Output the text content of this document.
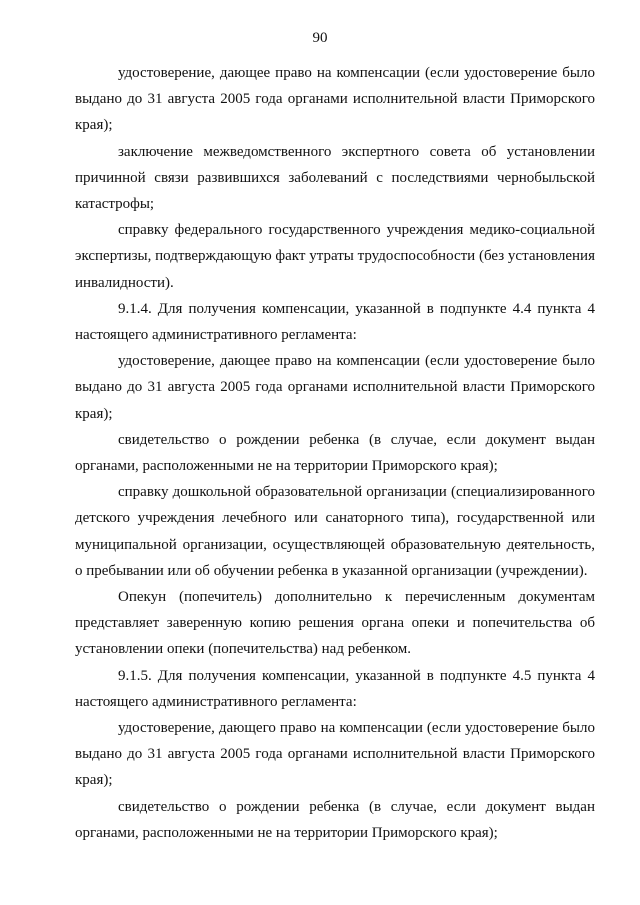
90

удостоверение, дающее право на компенсации (если удостоверение было выдано до 31 августа 2005 года органами исполнительной власти Приморского края);

заключение межведомственного экспертного совета об установлении причинной связи развившихся заболеваний с последствиями чернобыльской катастрофы;

справку федерального государственного учреждения медико-социальной экспертизы, подтверждающую факт утраты трудоспособности (без установления инвалидности).

9.1.4. Для получения компенсации, указанной в подпункте 4.4 пункта 4 настоящего административного регламента:

удостоверение, дающее право на компенсации (если удостоверение было выдано до 31 августа 2005 года органами исполнительной власти Приморского края);

свидетельство о рождении ребенка (в случае, если документ выдан органами, расположенными не на территории Приморского края);

справку дошкольной образовательной организации (специализированного детского учреждения лечебного или санаторного типа), государственной или муниципальной организации, осуществляющей образовательную деятельность, о пребывании или об обучении ребенка в указанной организации (учреждении).

Опекун (попечитель) дополнительно к перечисленным документам представляет заверенную копию решения органа опеки и попечительства об установлении опеки (попечительства) над ребенком.

9.1.5. Для получения компенсации, указанной в подпункте 4.5 пункта 4 настоящего административного регламента:

удостоверение, дающего право на компенсации (если удостоверение было выдано до 31 августа 2005 года органами исполнительной власти Приморского края);

свидетельство о рождении ребенка (в случае, если документ выдан органами, расположенными не на территории Приморского края);
